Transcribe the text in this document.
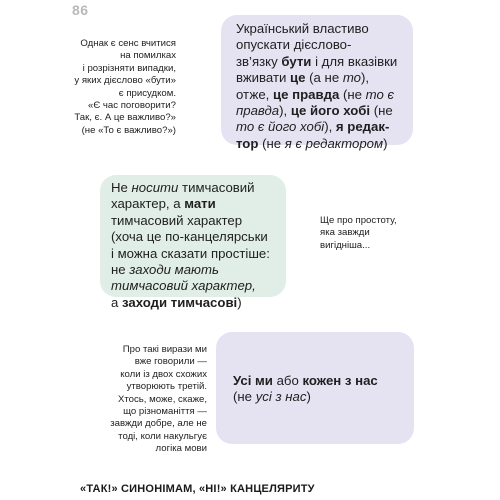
86
Однак є сенс вчитися
на помилках
і розрізняти випадки,
у яких дієслово «бути»
є присудком.
«Є час поговорити?
Так, є. А це важливо?»
(не «То є важливо?»)
Український властиво
опускати дієслово-
зв’язку бути і для вказівки
вживати це (а не то),
отже, це правда (не то є
правда), це його хобі (не
то є його хобі), я редак-
тор (не я є редактором)
Не носити тимчасовий
характер, а мати
тимчасовий характер
(хоча це по-канцелярськи
і можна сказати простіше:
не заходи мають
тимчасовий характер,
а заходи тимчасові)
Ще про простоту,
яка завжди
вигідніша...
Про такі вирази ми
вже говорили —
коли із двох схожих
утворюють третій.
Хтось, може, скаже,
що різноманіття —
завжди добре, але не
тоді, коли накульгує
логіка мови
Усі ми або кожен з нас
(не усі з нас)
«ТАК!» СИНОНІМАМ, «НІ!» КАНЦЕЛЯРИТУ
